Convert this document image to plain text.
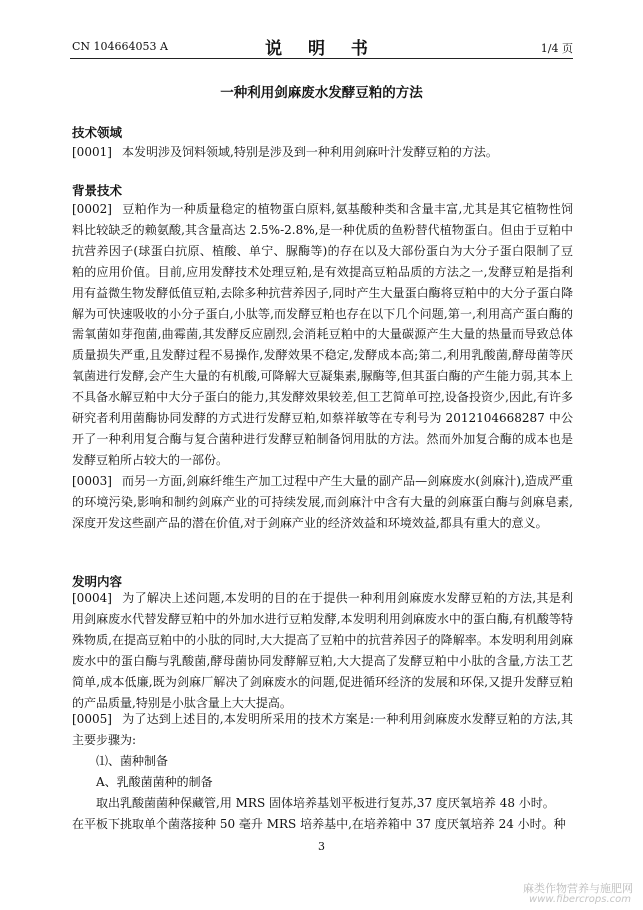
CN 104664053 A	说 明 书	1/4 页
一种利用剑麻废水发酵豆粕的方法
技术领域
[0001] 本发明涉及饲料领域,特别是涉及到一种利用剑麻叶汁发酵豆粕的方法。
背景技术
[0002] 豆粕作为一种质量稳定的植物蛋白原料,氨基酸种类和含量丰富,尤其是其它植物性饲料比较缺乏的赖氨酸,其含量高达 2.5%-2.8%,是一种优质的鱼粉替代植物蛋白。但由于豆粕中抗营养因子(球蛋白抗原、植酸、单宁、脲酶等)的存在以及大部份蛋白为大分子蛋白限制了豆粕的应用价值。目前,应用发酵技术处理豆粕,是有效提高豆粕品质的方法之一,发酵豆粕是指利用有益微生物发酵低值豆粕,去除多种抗营养因子,同时产生大量蛋白酶将豆粕中的大分子蛋白降解为可快速吸收的小分子蛋白,小肽等,而发酵豆粕也存在以下几个问题,第一,利用高产蛋白酶的需氧菌如芽孢菌,曲霉菌,其发酵反应剧烈,会消耗豆粕中的大量碳源产生大量的热量而导致总体质量损失严重,且发酵过程不易操作,发酵效果不稳定,发酵成本高;第二,利用乳酸菌,酵母菌等厌氧菌进行发酵,会产生大量的有机酸,可降解大豆凝集素,脲酶等,但其蛋白酶的产生能力弱,其本上不具备水解豆粕中大分子蛋白的能力,其发酵效果较差,但工艺简单可控,设备投资少,因此,有许多研究者利用菌酶协同发酵的方式进行发酵豆粕,如蔡祥敏等在专利号为 2012104668287 中公开了一种利用复合酶与复合菌种进行发酵豆粕制备饲用肽的方法。然而外加复合酶的成本也是发酵豆粕所占较大的一部份。
[0003] 而另一方面,剑麻纤维生产加工过程中产生大量的副产品—剑麻废水(剑麻汁),造成严重的环境污染,影响和制约剑麻产业的可持续发展,而剑麻汁中含有大量的剑麻蛋白酶与剑麻皂素,深度开发这些副产品的潜在价值,对于剑麻产业的经济效益和环境效益,都具有重大的意义。
发明内容
[0004] 为了解决上述问题,本发明的目的在于提供一种利用剑麻废水发酵豆粕的方法,其是利用剑麻废水代替发酵豆粕中的外加水进行豆粕发酵,本发明利用剑麻废水中的蛋白酶,有机酸等特殊物质,在提高豆粕中的小肽的同时,大大提高了豆粕中的抗营养因子的降解率。本发明利用剑麻废水中的蛋白酶与乳酸菌,酵母菌协同发酵解豆粕,大大提高了发酵豆粕中小肽的含量,方法工艺简单,成本低廉,既为剑麻厂解决了剑麻废水的问题,促进循环经济的发展和环保,又提升发酵豆粕的产品质量,特别是小肽含量上大大提高。
[0005] 为了达到上述目的,本发明所采用的技术方案是:一种利用剑麻废水发酵豆粕的方法,其主要步骤为:
⑴、菌种制备
A、乳酸菌菌种的制备
取出乳酸菌菌种保藏管,用 MRS 固体培养基划平板进行复苏,37 度厌氧培养 48 小时。
在平板下挑取单个菌落接种 50 毫升 MRS 培养基中,在培养箱中 37 度厌氧培养 24 小时。种
3
麻类作物营养与施肥网
www.fibercrops.com
